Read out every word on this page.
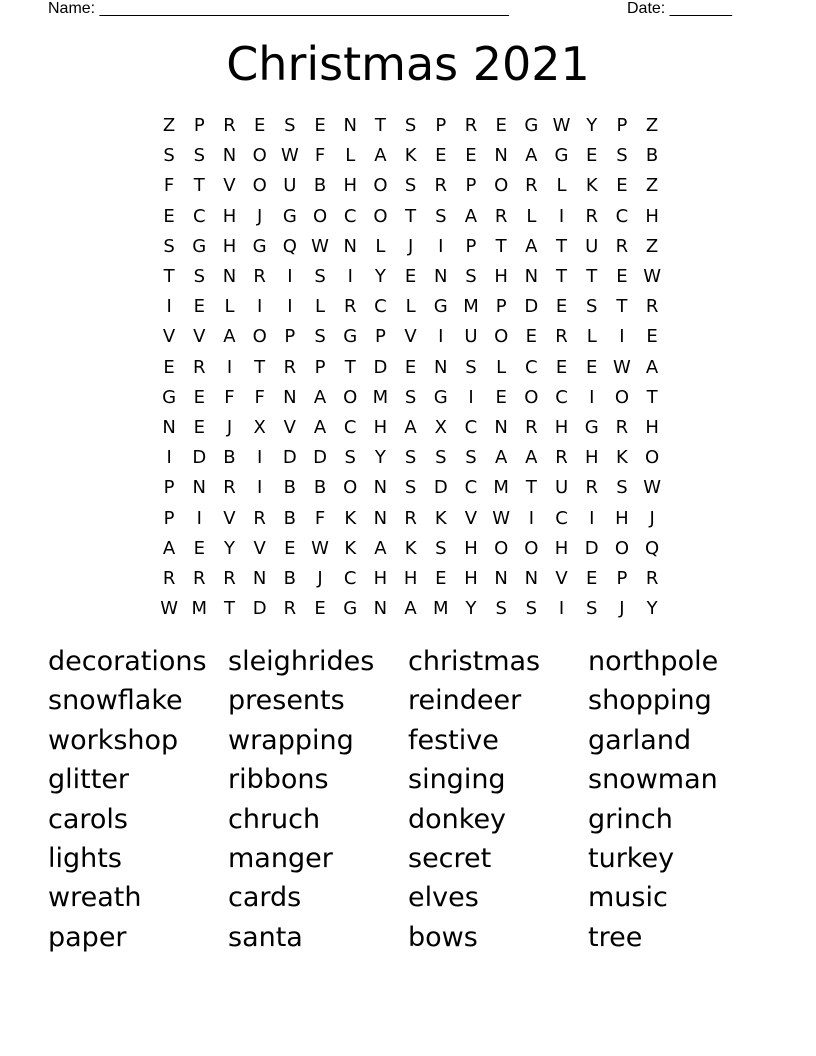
Name: ______________________________________________	Date: _______
Christmas 2021
Z	P	R	E	S	E N T	S	P	R	E G W Y	P	Z
S	S N O W F	L	A	K	E	E N A G E	S	B
F	T	V O U B H O S	R	P O R	L	K	E	Z
E	C H	J	G O C O T	S	A R	L	I	R C H
S G H G Q W N	L	J	I	P	T	A	T	U R Z
T	S N R	I	S	I	Y	E N S H N T	T	E W
I	E	L	I	I	L	R C	L	G M P D E	S	T	R
V V A O P	S G P	V	I	U O E	R	L	I	E
E	R	I	T	R	P	T D E N S	L	C	E	E W A
G E	F	F	N A O M S G	I	E O C	I	O T
N E	J	X V A C H A X C N R H G R H
I	D B	I	D D S	Y	S	S	S	A A R H K O
P	N R	I	B B O N S D C M T	U R	S W
P	I	V R B	F	K N R	K	V W	I	C	I	H	J
A	E	Y	V	E W K	A	K	S H O O H D O Q
R R R N B	J	C H H E H N N V	E	P	R
W M T D R	E G N A M Y	S	S	I	S	J	Y
decorations sleighrides	christmas	northpole
snowflake	presents	reindeer	shopping
workshop	wrapping	festive	garland
glitter	ribbons	singing	snowman
carols	chruch	donkey	grinch
lights	manger	secret	turkey
wreath	cards	elves	music
paper	santa	bows	tree
